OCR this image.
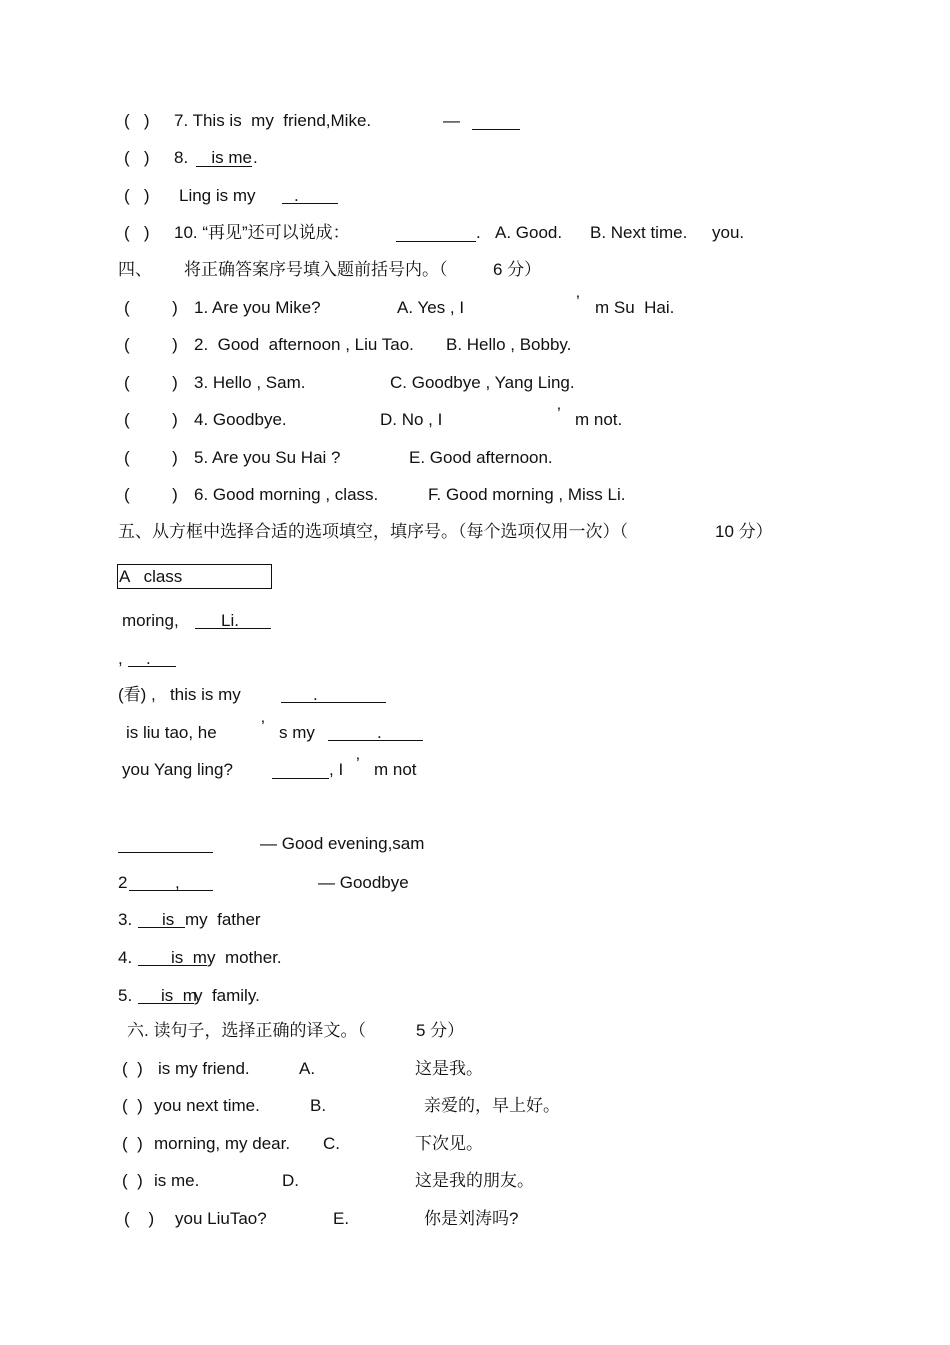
(   ) 7. This is  my  friend,Mike.	—
(   ) 8.	is me .
(   ) Ling is my	.
(   ) 10. “再见”还可以说成：	. A. Good. B. Next time. you.
四、 将正确答案序号填入题前括号内。（	6 分）
(         ) 1. Are you Mike?	A. Yes , I	’ m Su  Hai.
(         ) 2.  Good  afternoon , Liu Tao. B. Hello , Bobby.
(         ) 3. Hello , Sam.	C. Goodbye , Yang Ling.
(         ) 4. Goodbye.	D. No , I	’ m not.
(         ) 5. Are you Su Hai ?	E. Good afternoon.
(         ) 6. Good morning , class.	F. Good morning , Miss Li.
五、从方框中选择合适的选项填空，填序号。（每个选项仅用一次）（	10 分）
A   class
moring,	Li.
,	.
(看) ,   this is my	.
is liu tao, he	’ s my	.
you Yang ling?	, I ’ m not
— Good evening,sam
2	,	— Goodbye
3.	is my  father
4.	is  m y  mother.
5.	is  m
y  family.
六. 读句子，选择正确的译文。（	5 分）
(  ) is my friend.	A.	这是我。
(  ) you next time.	B.	亲爱的，早上好。
(  ) morning, my dear. C.	下次见。
(  ) is me.	D.	这是我的朋友。
(    ) you LiuTao?	E.	你是刘涛吗?
